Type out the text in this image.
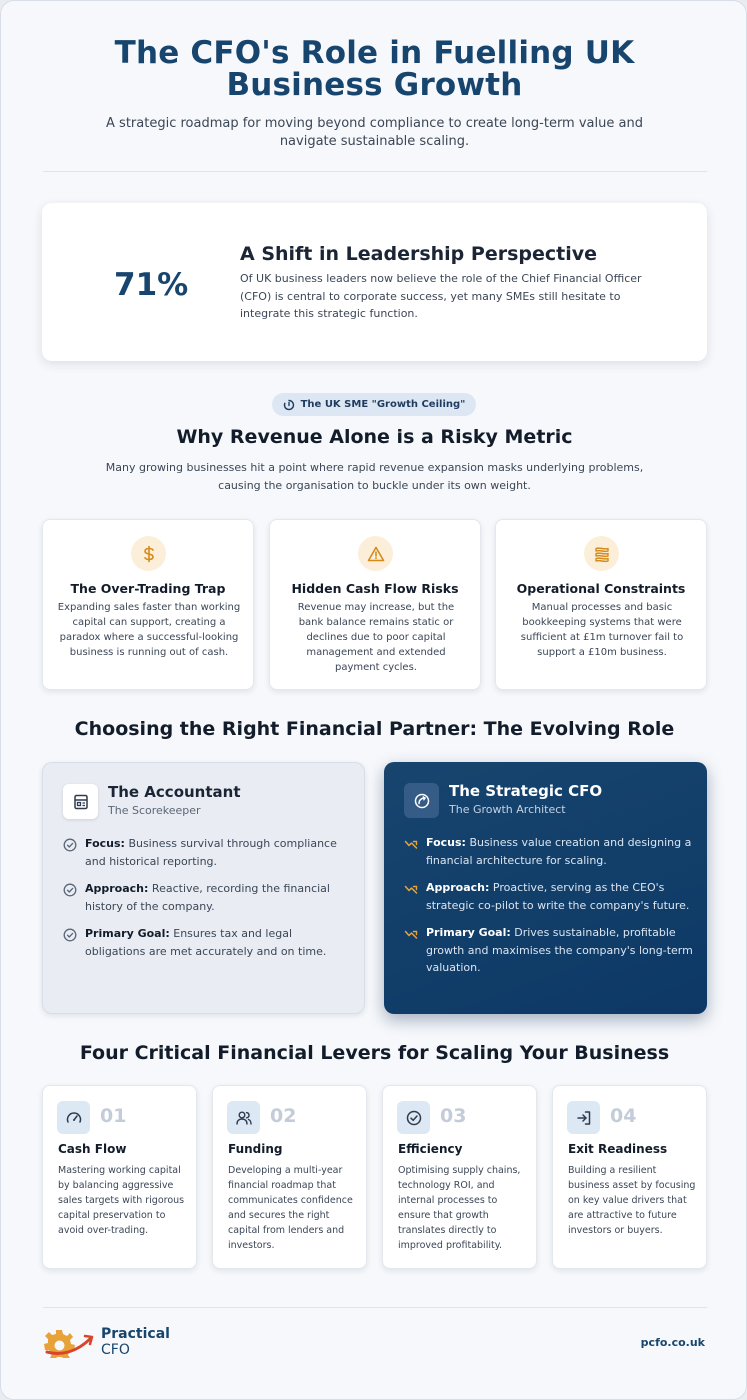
The CFO's Role in Fuelling UK Business Growth

A strategic roadmap for moving beyond compliance to create long-term value and navigate sustainable scaling.

71%
A Shift in Leadership Perspective

Of UK business leaders now believe the role of the Chief Financial Officer (CFO) is central to corporate success, yet many SMEs still hesitate to integrate this strategic function.

The UK SME "Growth Ceiling"
Why Revenue Alone is a Risky Metric

Many growing businesses hit a point where rapid revenue expansion masks underlying problems, causing the organisation to buckle under its own weight.

The Over-Trading Trap

Expanding sales faster than working capital can support, creating a paradox where a successful-looking business is running out of cash.

Hidden Cash Flow Risks

Revenue may increase, but the bank balance remains static or declines due to poor capital management and extended payment cycles.

Operational Constraints

Manual processes and basic bookkeeping systems that were sufficient at £1m turnover fail to support a £10m business.

Choosing the Right Financial Partner: The Evolving Role
The Accountant
The Scorekeeper
Focus: Business survival through compliance and historical reporting.
Approach: Reactive, recording the financial history of the company.
Primary Goal: Ensures tax and legal obligations are met accurately and on time.
The Strategic CFO
The Growth Architect
Focus: Business value creation and designing a financial architecture for scaling.
Approach: Proactive, serving as the CEO's strategic co-pilot to write the company's future.
Primary Goal: Drives sustainable, profitable growth and maximises the company's long-term valuation.
Four Critical Financial Levers for Scaling Your Business
01
Cash Flow

Mastering working capital by balancing aggressive sales targets with rigorous capital preservation to avoid over-trading.

02
Funding

Developing a multi-year financial roadmap that communicates confidence and secures the right capital from lenders and investors.

03
Efficiency

Optimising supply chains, technology ROI, and internal processes to ensure that growth translates directly to improved profitability.

04
Exit Readiness

Building a resilient business asset by focusing on key value drivers that are attractive to future investors or buyers.

Practical
CFO	pcfo.co.uk
